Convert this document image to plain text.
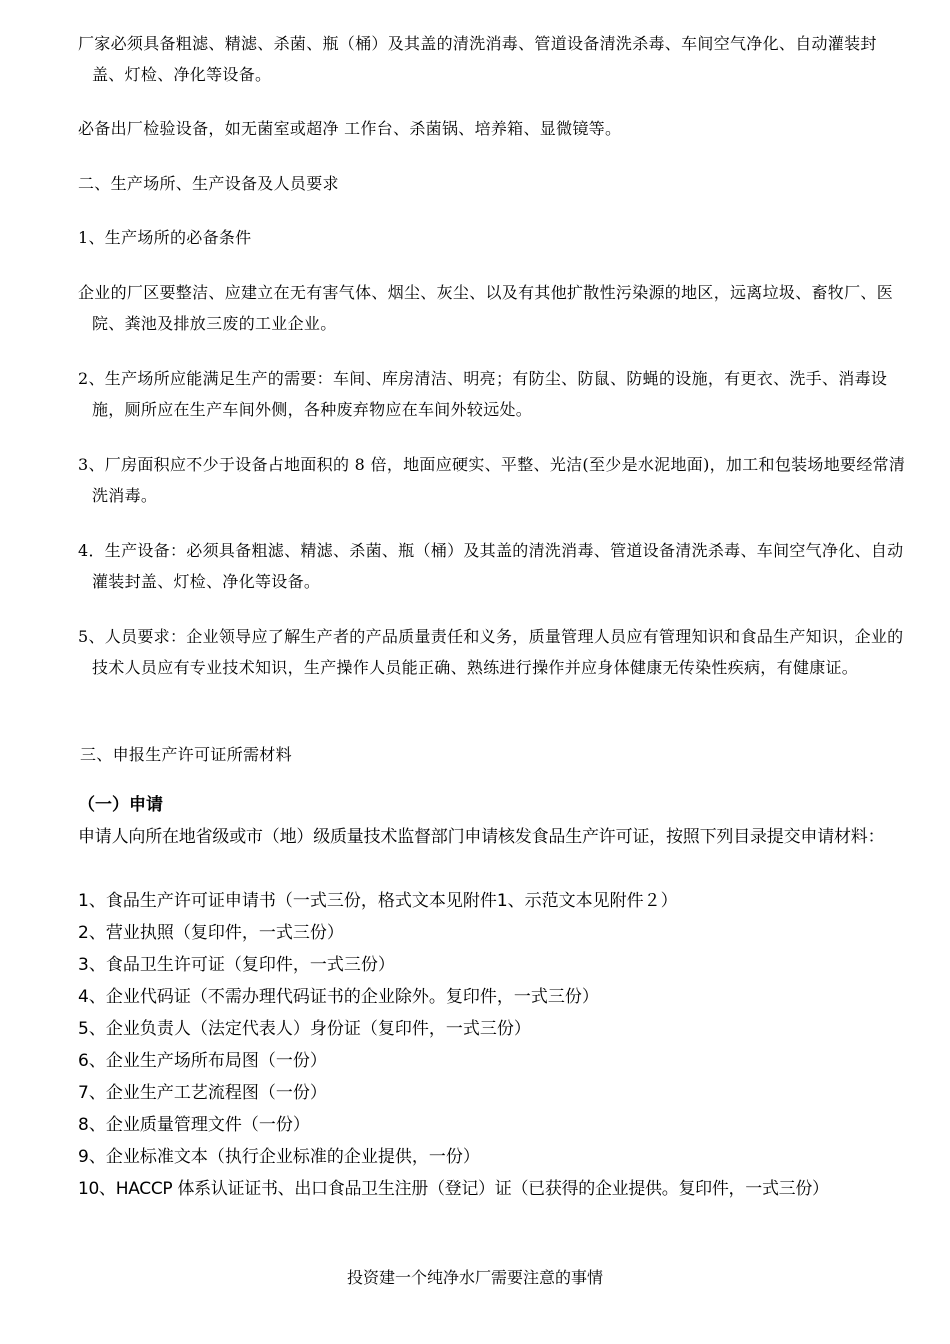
厂家必须具备粗滤、精滤、杀菌、瓶（桶）及其盖的清洗消毒、管道设备清洗杀毒、车间空气净化、自动灌装封盖、灯检、净化等设备。

必备出厂检验设备，如无菌室或超净 工作台、杀菌锅、培养箱、显微镜等。

二、生产场所、生产设备及人员要求

1、生产场所的必备条件

企业的厂区要整洁、应建立在无有害气体、烟尘、灰尘、以及有其他扩散性污染源的地区，远离垃圾、畜牧厂、医院、粪池及排放三废的工业企业。

2、生产场所应能满足生产的需要：车间、库房清洁、明亮；有防尘、防鼠、防蝇的设施，有更衣、洗手、消毒设施，厕所应在生产车间外侧，各种废弃物应在车间外较远处。

3、厂房面积应不少于设备占地面积的 8 倍，地面应硬实、平整、光洁(至少是水泥地面)，加工和包装场地要经常清洗消毒。

4．生产设备：必须具备粗滤、精滤、杀菌、瓶（桶）及其盖的清洗消毒、管道设备清洗杀毒、车间空气净化、自动灌装封盖、灯检、净化等设备。

5、人员要求：企业领导应了解生产者的产品质量责任和义务，质量管理人员应有管理知识和食品生产知识，企业的技术人员应有专业技术知识，生产操作人员能正确、熟练进行操作并应身体健康无传染性疾病，有健康证。

三、申报生产许可证所需材料

（一）申请

申请人向所在地省级或市（地）级质量技术监督部门申请核发食品生产许可证，按照下列目录提交申请材料：

1、食品生产许可证申请书（一式三份，格式文本见附件1、示范文本见附件２）

2、营业执照（复印件，一式三份）

3、食品卫生许可证（复印件，一式三份）

4、企业代码证（不需办理代码证书的企业除外。复印件，一式三份）

5、企业负责人（法定代表人）身份证（复印件，一式三份）

6、企业生产场所布局图（一份）

7、企业生产工艺流程图（一份）

8、企业质量管理文件（一份）

9、企业标准文本（执行企业标准的企业提供，一份）

10、HACCP 体系认证证书、出口食品卫生注册（登记）证（已获得的企业提供。复印件，一式三份）

投资建一个纯净水厂需要注意的事情
